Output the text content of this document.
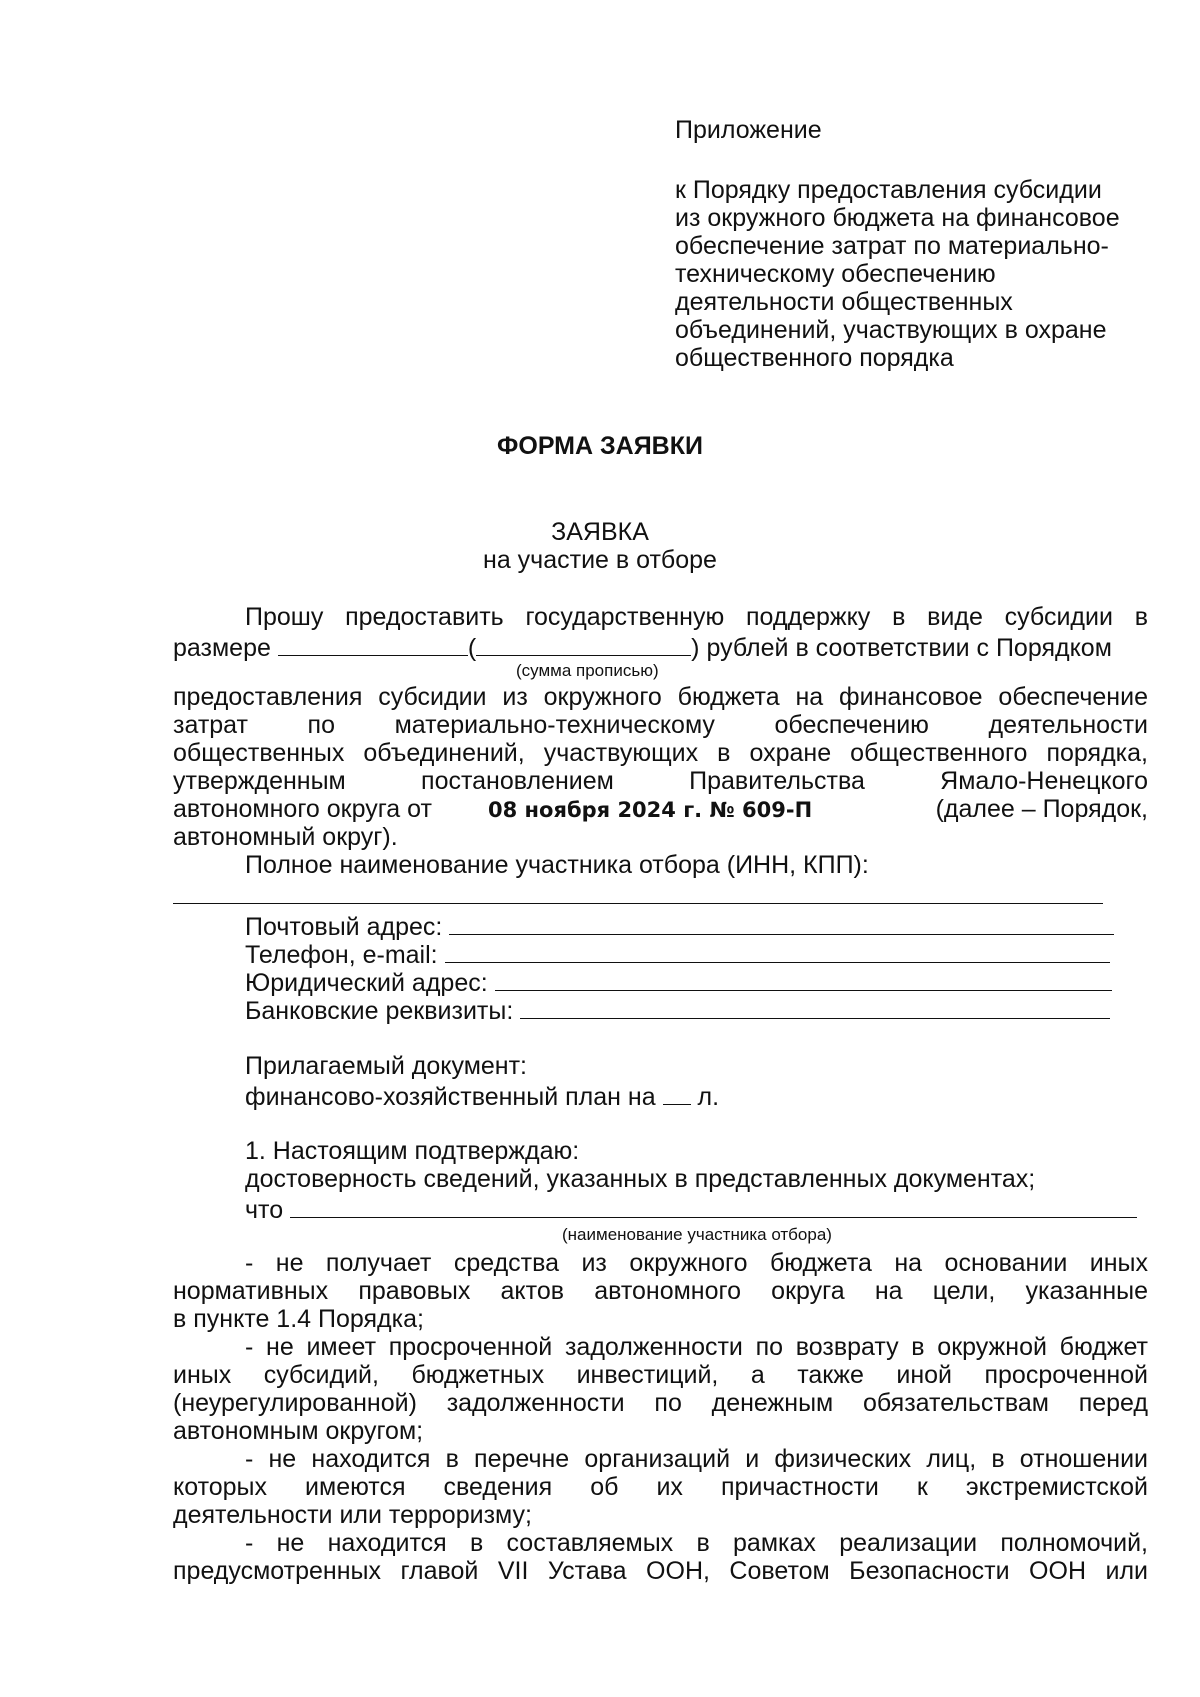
Приложение

к Порядку предоставления субсидии

из окружного бюджета на финансовое

обеспечение затрат по материально-

техническому обеспечению

деятельности общественных

объединений, участвующих в охране

общественного порядка

ФОРМА ЗАЯВКИ

ЗАЯВКА

на участие в отборе

Прошу предоставить государственную поддержку в виде субсидии в

размере	(	) рублей в соответствии с Порядком
(сумма прописью)

предоставления субсидии из окружного бюджета на финансовое обеспечение

затрат по материально-техническому обеспечению деятельности

общественных объединений, участвующих в охране общественного порядка,

утвержденным постановлением Правительства Ямало-Ненецкого

автономного округа от	08 ноября 2024 г. № 609-П	(далее – Порядок,

автономный округ).

Полное наименование участника отбора (ИНН, КПП):

Почтовый адрес:
Телефон, e-mail:
Юридический адрес:
Банковские реквизиты:

Прилагаемый документ:

финансово-хозяйственный план на л.

1. Настоящим подтверждаю:

достоверность сведений, указанных в представленных документах;

что
(наименование участника отбора)

- не получает средства из окружного бюджета на основании иных

нормативных правовых актов автономного округа на цели, указанные

в пункте 1.4 Порядка;

- не имеет просроченной задолженности по возврату в окружной бюджет

иных субсидий, бюджетных инвестиций, а также иной просроченной

(неурегулированной) задолженности по денежным обязательствам перед

автономным округом;

- не находится в перечне организаций и физических лиц, в отношении

которых имеются сведения об их причастности к экстремистской

деятельности или терроризму;

- не находится в составляемых в рамках реализации полномочий,

предусмотренных главой VII Устава ООН, Советом Безопасности ООН или
